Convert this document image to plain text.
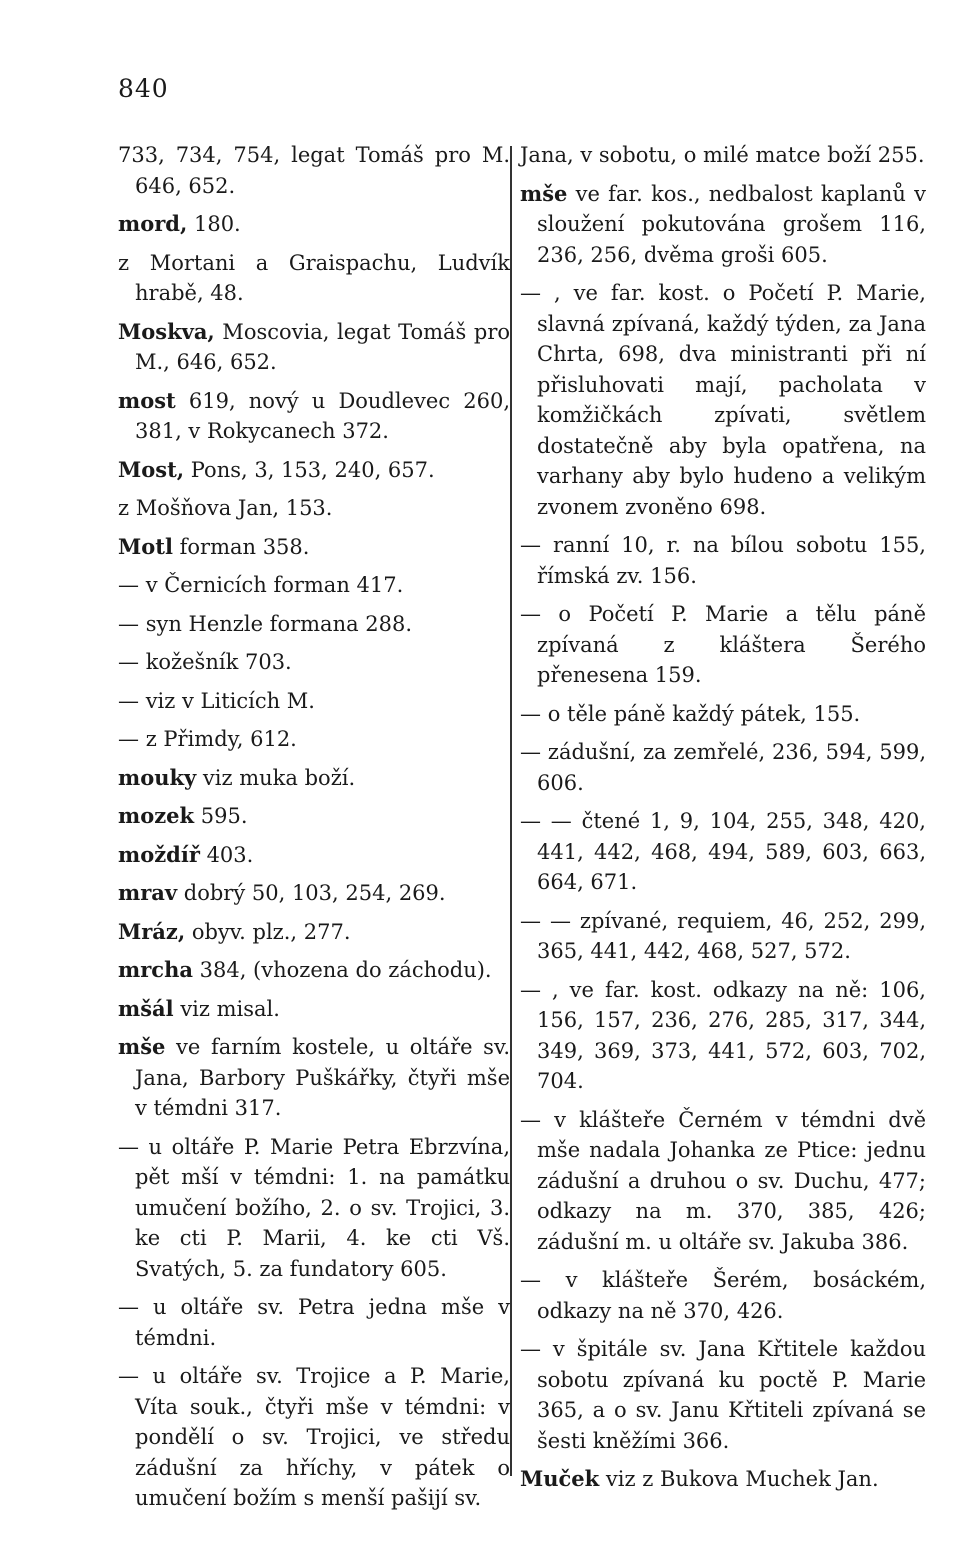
840

733, 734, 754, legat Tomáš pro M. 646, 652.

mord, 180.

z Mortani a Graispachu, Ludvík hrabě, 48.

Moskva, Moscovia, legat Tomáš pro M., 646, 652.

most 619, nový u Doudlevec 260, 381, v Rokycanech 372.

Most, Pons, 3, 153, 240, 657.

z Mošňova Jan, 153.

Motl forman 358.

— v Černicích forman 417.

— syn Henzle formana 288.

— kožešník 703.

— viz v Liticích M.

— z Přimdy, 612.

mouky viz muka boží.

mozek 595.

moždíř 403.

mrav dobrý 50, 103, 254, 269.

Mráz, obyv. plz., 277.

mrcha 384, (vhozena do záchodu).

mšál viz misal.

mše ve farním kostele, u oltáře sv. Jana, Barbory Puškářky, čtyři mše v témdni 317.

— u oltáře P. Marie Petra Ebrzvína, pět mší v témdni: 1. na památku umučení božího, 2. o sv. Trojici, 3. ke cti P. Marii, 4. ke cti Vš. Svatých, 5. za fundatory 605.

— u oltáře sv. Petra jedna mše v témdni.

— u oltáře sv. Trojice a P. Marie, Víta souk., čtyři mše v témdni: v pondělí o sv. Trojici, ve středu zádušní za hříchy, v pátek o umučení božím s menší pašijí sv.

Jana, v sobotu, o milé matce boží 255.

mše ve far. kos., nedbalost kaplanů v sloužení pokutována grošem 116, 236, 256, dvěma groši 605.

— , ve far. kost. o Početí P. Marie, slavná zpívaná, každý týden, za Jana Chrta, 698, dva ministranti při ní přisluhovati mají, pacholata v komžičkách zpívati, světlem dostatečně aby byla opatřena, na varhany aby bylo hudeno a velikým zvonem zvoněno 698.

— ranní 10, r. na bílou sobotu 155, římská zv. 156.

— o Početí P. Marie a tělu páně zpívaná z kláštera Šerého přenesena 159.

— o těle páně každý pátek, 155.

— zádušní, za zemřelé, 236, 594, 599, 606.

— — čtené 1, 9, 104, 255, 348, 420, 441, 442, 468, 494, 589, 603, 663, 664, 671.

— — zpívané, requiem, 46, 252, 299, 365, 441, 442, 468, 527, 572.

— , ve far. kost. odkazy na ně: 106, 156, 157, 236, 276, 285, 317, 344, 349, 369, 373, 441, 572, 603, 702, 704.

— v klášteře Černém v témdni dvě mše nadala Johanka ze Ptice: jednu zádušní a druhou o sv. Duchu, 477; odkazy na m. 370, 385, 426; zádušní m. u oltáře sv. Jakuba 386.

— v klášteře Šerém, bosáckém, odkazy na ně 370, 426.

— v špitále sv. Jana Křtitele každou sobotu zpívaná ku poctě P. Marie 365, a o sv. Janu Křtiteli zpívaná se šesti kněžími 366.

Muček viz z Bukova Muchek Jan.
